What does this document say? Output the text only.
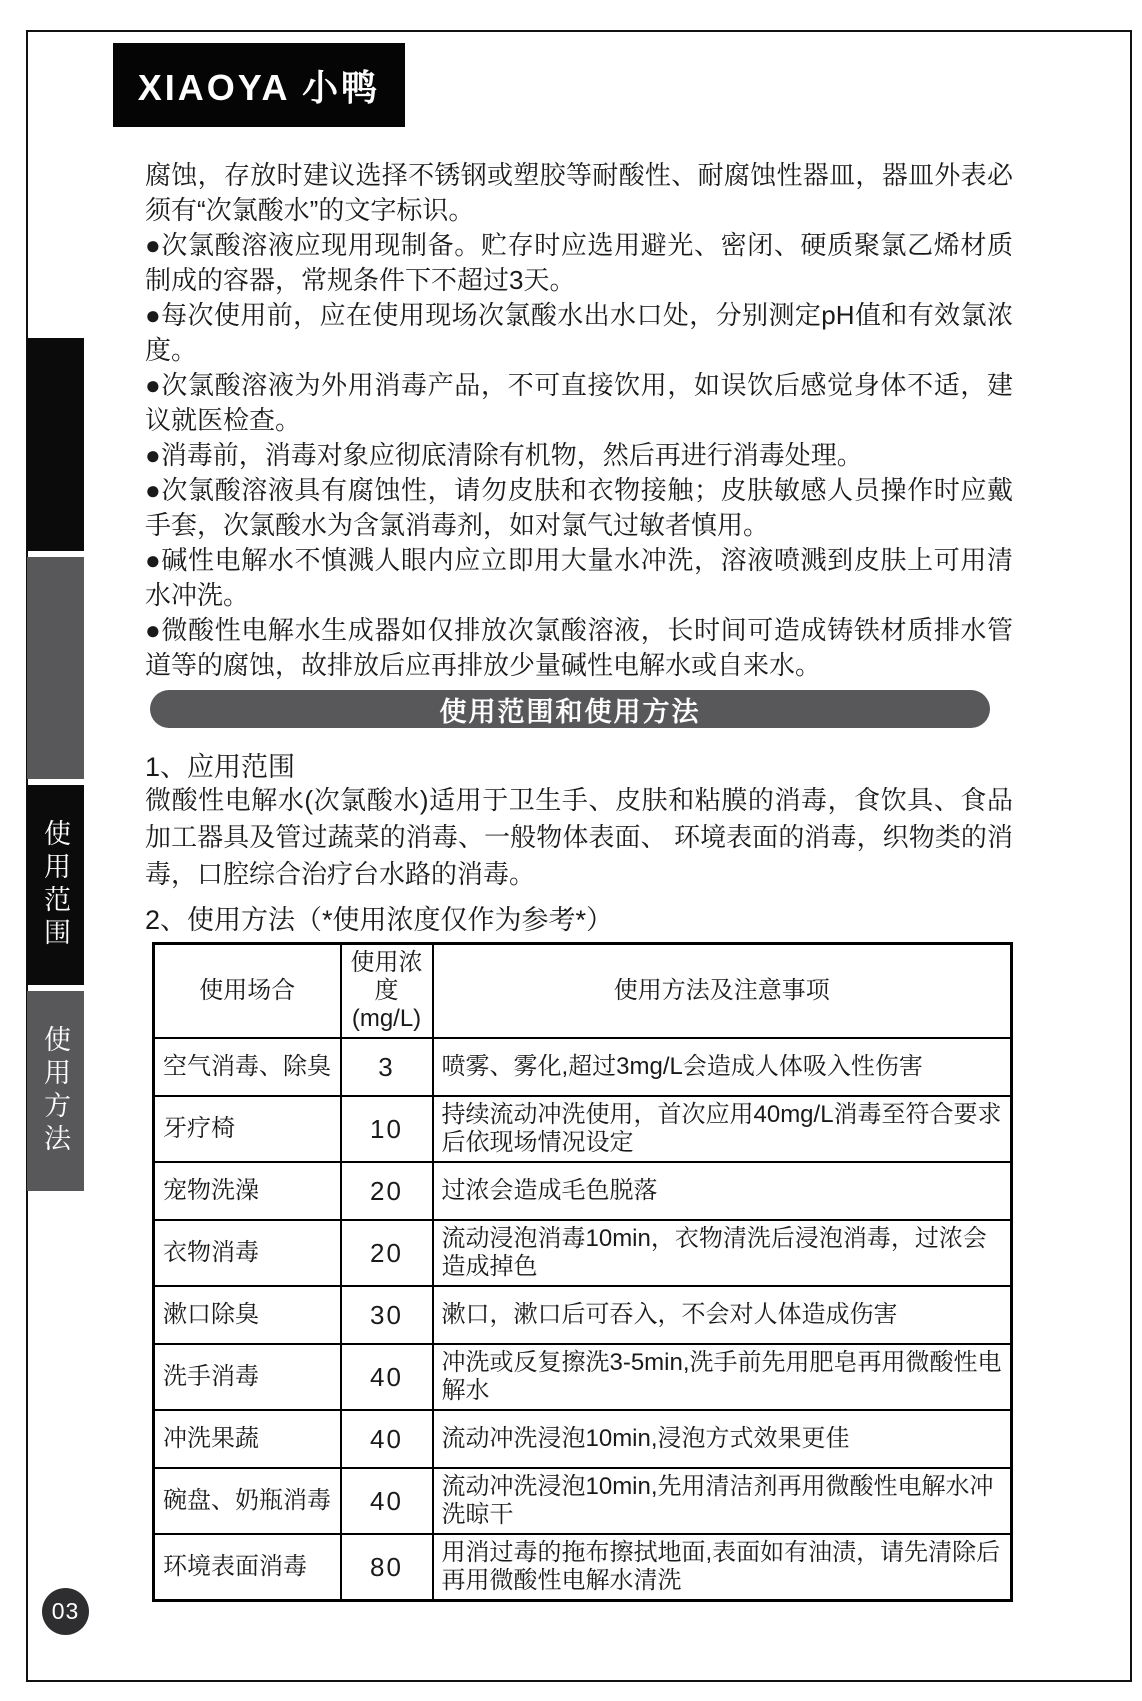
XIAOYA 小鸭
使用范围
使用方法

腐蚀，存放时建议选择不锈钢或塑胶等耐酸性、耐腐蚀性器皿，器皿外表必须有“次氯酸水”的文字标识。

●次氯酸溶液应现用现制备。贮存时应选用避光、密闭、硬质聚氯乙烯材质制成的容器，常规条件下不超过3天。

●每次使用前，应在使用现场次氯酸水出水口处，分别测定pH值和有效氯浓度。

●次氯酸溶液为外用消毒产品，不可直接饮用，如误饮后感觉身体不适，建议就医检查。

●消毒前，消毒对象应彻底清除有机物，然后再进行消毒处理。

●次氯酸溶液具有腐蚀性，请勿皮肤和衣物接触；皮肤敏感人员操作时应戴手套，次氯酸水为含氯消毒剂，如对氯气过敏者慎用。

●碱性电解水不慎溅人眼内应立即用大量水冲洗，溶液喷溅到皮肤上可用清水冲洗。

●微酸性电解水生成器如仅排放次氯酸溶液，长时间可造成铸铁材质排水管道等的腐蚀，故排放后应再排放少量碱性电解水或自来水。

使用范围和使用方法
1、应用范围
微酸性电解水(次氯酸水)适用于卫生手、皮肤和粘膜的消毒，食饮具、食品加工器具及管过蔬菜的消毒、一般物体表面、 环境表面的消毒，织物类的消毒，口腔综合治疗台水路的消毒。
2、使用方法（*使用浓度仅作为参考*）
使用场合	使用浓度(mg/L)	使用方法及注意事项
空气消毒、除臭	3	喷雾、雾化,超过3mg/L会造成人体吸入性伤害
牙疗椅	10	持续流动冲洗使用，首次应用40mg/L消毒至符合要求后依现场情况设定
宠物洗澡	20	过浓会造成毛色脱落
衣物消毒	20	流动浸泡消毒10min，衣物清洗后浸泡消毒，过浓会造成掉色
漱口除臭	30	漱口，漱口后可吞入，不会对人体造成伤害
洗手消毒	40	冲洗或反复擦洗3-5min,洗手前先用肥皂再用微酸性电解水
冲洗果蔬	40	流动冲洗浸泡10min,浸泡方式效果更佳
碗盘、奶瓶消毒	40	流动冲洗浸泡10min,先用清洁剂再用微酸性电解水冲洗晾干
环境表面消毒	80	用消过毒的拖布擦拭地面,表面如有油渍，请先清除后再用微酸性电解水清洗
03
